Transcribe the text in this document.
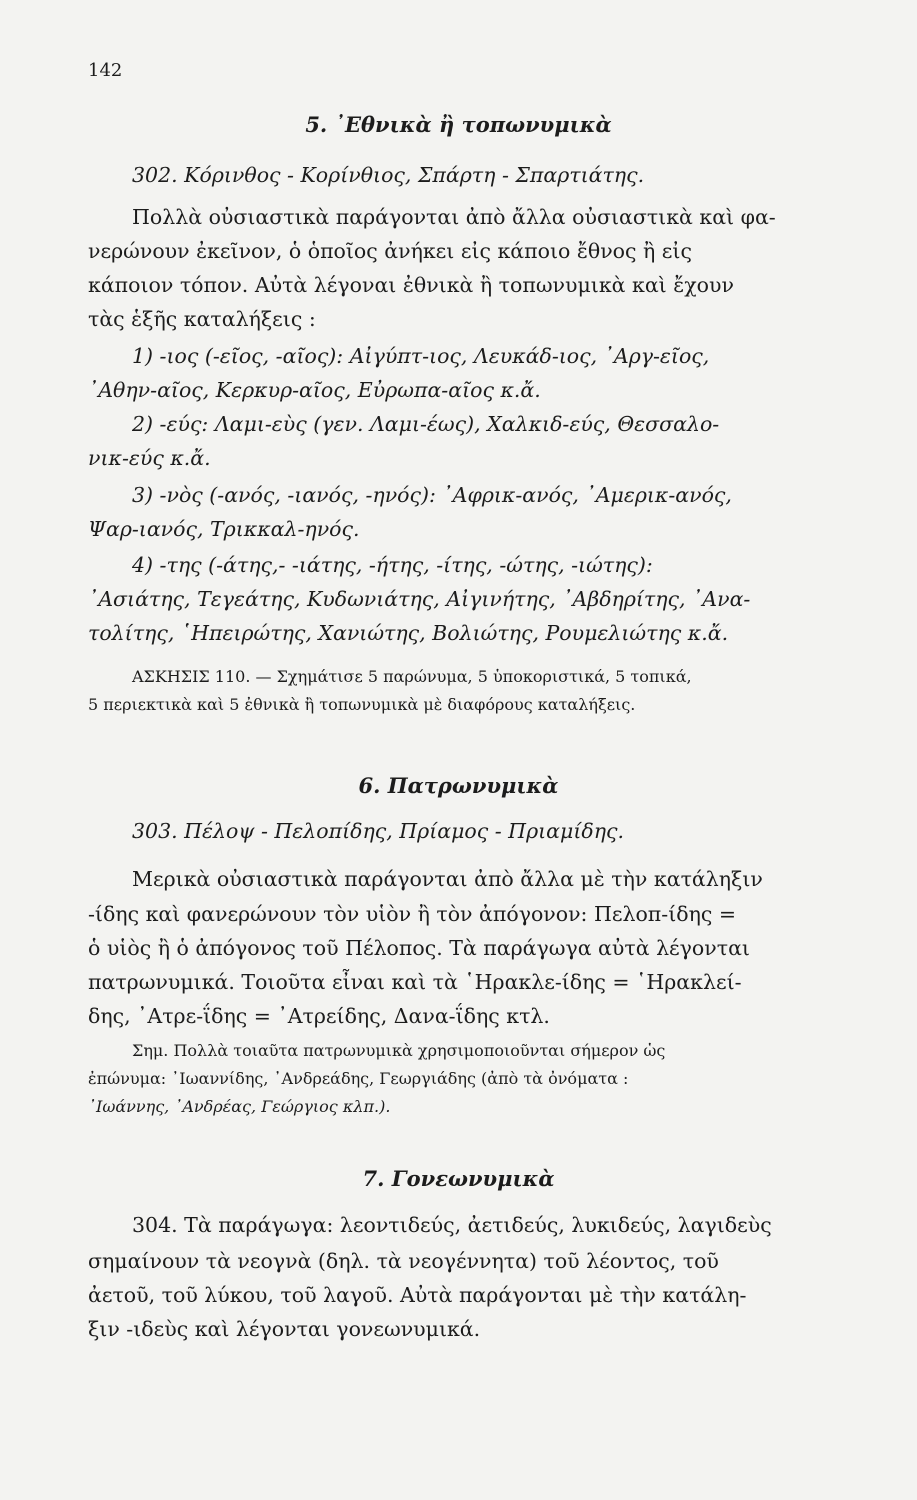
142
5. ᾿Εθνικὰ ἢ τοπωνυμικὰ
302. Κόρινθος - Κορίνθιος, Σπάρτη - Σπαρτιάτης.
Πολλὰ οὐσιαστικὰ παράγονται ἀπὸ ἄλλα οὐσιαστικὰ καὶ φα-
νερώνουν ἐκεῖνον, ὁ ὁποῖος ἀνήκει εἰς κάποιο ἔθνος ἢ εἰς
κάποιον τόπον. Αὐτὰ λέγοναι ἐθνικὰ ἢ τοπωνυμικὰ καὶ ἔχουν
τὰς ἑξῆς καταλήξεις :
1) -ιος (-εῖος, -αῖος): Αἰγύπτ-ιος, Λευκάδ-ιος, ᾿Αργ-εῖος,
᾿Αθην-αῖος, Κερκυρ-αῖος, Εὐρωπα-αῖος κ.ἄ.
2) -εύς: Λαμι-εὺς (γεν. Λαμι-έως), Χαλκιδ-εύς, Θεσσαλο-
νικ-εύς κ.ἄ.
3) -νὸς (-ανός, -ιανός, -ηνός): ᾿Αφρικ-ανός, ᾿Αμερικ-ανός,
Ψαρ-ιανός, Τρικκαλ-ηνός.
4) -της (-άτης,- -ιάτης, -ήτης, -ίτης, -ώτης, -ιώτης):
᾿Ασιάτης, Τεγεάτης, Κυδωνιάτης, Αἰγινήτης, ᾿Αβδηρίτης, ᾿Ανα-
τολίτης, ῾Ηπειρώτης, Χανιώτης, Βολιώτης, Ρουμελιώτης κ.ἄ.
ΑΣΚΗΣΙΣ 110. — Σχημάτισε 5 παρώνυμα, 5 ὑποκοριστικά, 5 τοπικά,
5 περιεκτικὰ καὶ 5 ἐθνικὰ ἢ τοπωνυμικὰ μὲ διαφόρους καταλήξεις.
6. Πατρωνυμικὰ
303. Πέλοψ - Πελοπίδης, Πρίαμος - Πριαμίδης.
Μερικὰ οὐσιαστικὰ παράγονται ἀπὸ ἄλλα μὲ τὴν κατάληξιν
-ίδης καὶ φανερώνουν τὸν υἱὸν ἢ τὸν ἀπόγονον: Πελοπ-ίδης =
ὁ υἱὸς ἢ ὁ ἀπόγονος τοῦ Πέλοπος. Τὰ παράγωγα αὐτὰ λέγονται
πατρωνυμικά. Τοιοῦτα εἶναι καὶ τὰ ῾Ηρακλε-ίδης = ῾Ηρακλεί-
δης, ᾿Ατρε-ΐδης = ᾿Ατρείδης, Δανα-ΐδης κτλ.
Σημ. Πολλὰ τοιαῦτα πατρωνυμικὰ χρησιμοποιοῦνται σήμερον ὡς
ἐπώνυμα: ᾿Ιωαννίδης, ᾿Ανδρεάδης, Γεωργιάδης (ἀπὸ τὰ ὀνόματα :
᾿Ιωάννης, ᾿Ανδρέας, Γεώργιος κλπ.).
7. Γονεωνυμικὰ
304. Τὰ παράγωγα: λεοντιδεύς, ἀετιδεύς, λυκιδεύς, λαγιδεὺς
σημαίνουν τὰ νεογνὰ (δηλ. τὰ νεογέννητα) τοῦ λέοντος, τοῦ
ἀετοῦ, τοῦ λύκου, τοῦ λαγοῦ. Αὐτὰ παράγονται μὲ τὴν κατάλη-
ξιν -ιδεὺς καὶ λέγονται γονεωνυμικά.
